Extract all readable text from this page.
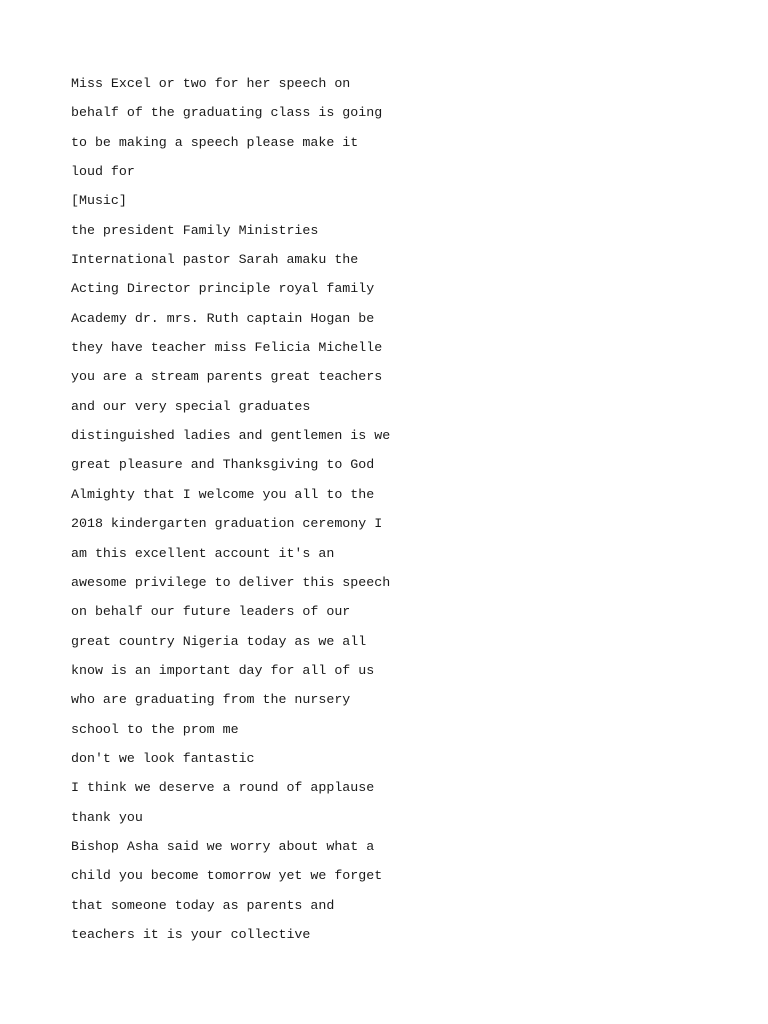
Miss Excel or two for her speech on

behalf of the graduating class is going

to be making a speech please make it

loud for

[Music]

the president Family Ministries

International pastor Sarah amaku the

Acting Director principle royal family

Academy dr. mrs. Ruth captain Hogan be

they have teacher miss Felicia Michelle

you are a stream parents great teachers

and our very special graduates

distinguished ladies and gentlemen is we

great pleasure and Thanksgiving to God

Almighty that I welcome you all to the

2018 kindergarten graduation ceremony I

am this excellent account it's an

awesome privilege to deliver this speech

on behalf our future leaders of our

great country Nigeria today as we all

know is an important day for all of us

who are graduating from the nursery

school to the prom me

don't we look fantastic

I think we deserve a round of applause

thank you

Bishop Asha said we worry about what a

child you become tomorrow yet we forget

that someone today as parents and

teachers it is your collective
